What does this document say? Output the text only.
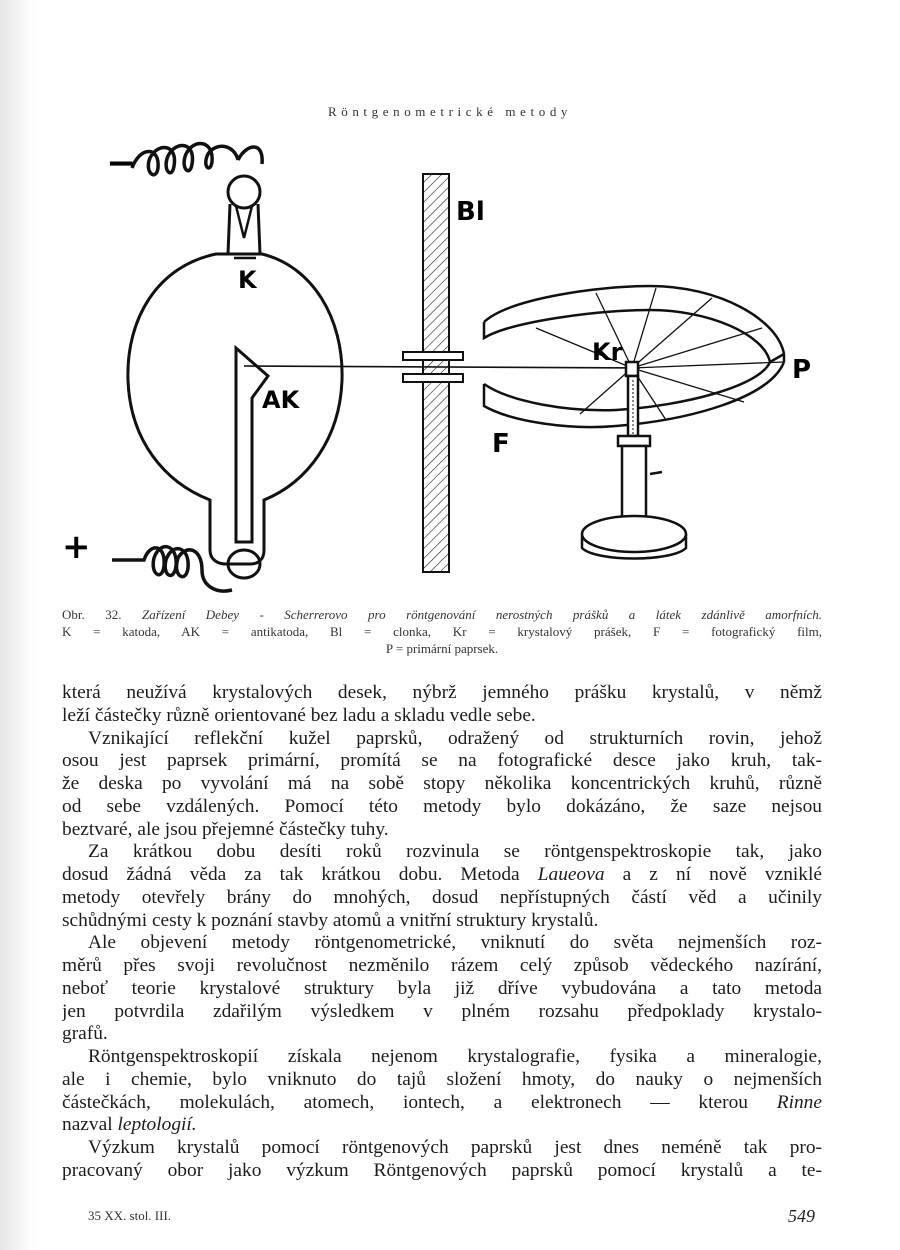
Röntgenometrické metody
−
+
K
AK
Bl
Kr
P
F

Obr. 32. Zařízení Debey - Scherrerovo pro röntgenování nerostných prášků a látek zdánlivě amorfních.

K = katoda, AK = antikatoda, Bl = clonka, Kr = krystalový prášek, F = fotografický film,

P = primární paprsek.

která neužívá krystalových desek, nýbrž jemného prášku krystalů, v němž
leží částečky různě orientované bez ladu a skladu vedle sebe.
Vznikající reflekční kužel paprsků, odražený od strukturních rovin, jehož
osou jest paprsek primární, promítá se na fotografické desce jako kruh, tak-
že deska po vyvolání má na sobě stopy několika koncentrických kruhů, různě
od sebe vzdálených. Pomocí této metody bylo dokázáno, že saze nejsou
beztvaré, ale jsou přejemné částečky tuhy.
Za krátkou dobu desíti roků rozvinula se röntgenspektroskopie tak, jako
dosud žádná věda za tak krátkou dobu. Metoda Laueova a z ní nově vzniklé
metody otevřely brány do mnohých, dosud nepřístupných částí věd a učinily
schůdnými cesty k poznání stavby atomů a vnitřní struktury krystalů.
Ale objevení metody röntgenometrické, vniknutí do světa nejmenších roz-
měrů přes svoji revolučnost nezměnilo rázem celý způsob vědeckého nazírání,
neboť teorie krystalové struktury byla již dříve vybudována a tato metoda
jen potvrdila zdařilým výsledkem v plném rozsahu předpoklady krystalo-
grafů.
Röntgenspektroskopií získala nejenom krystalografie, fysika a mineralogie,
ale i chemie, bylo vniknuto do tajů složení hmoty, do nauky o nejmenších
částečkách, molekulách, atomech, iontech, a elektronech — kterou Rinne
nazval leptologií.
Výzkum krystalů pomocí röntgenových paprsků jest dnes neméně tak pro-
pracovaný obor jako výzkum Röntgenových paprsků pomocí krystalů a te-
35 XX. stol. III.	549
